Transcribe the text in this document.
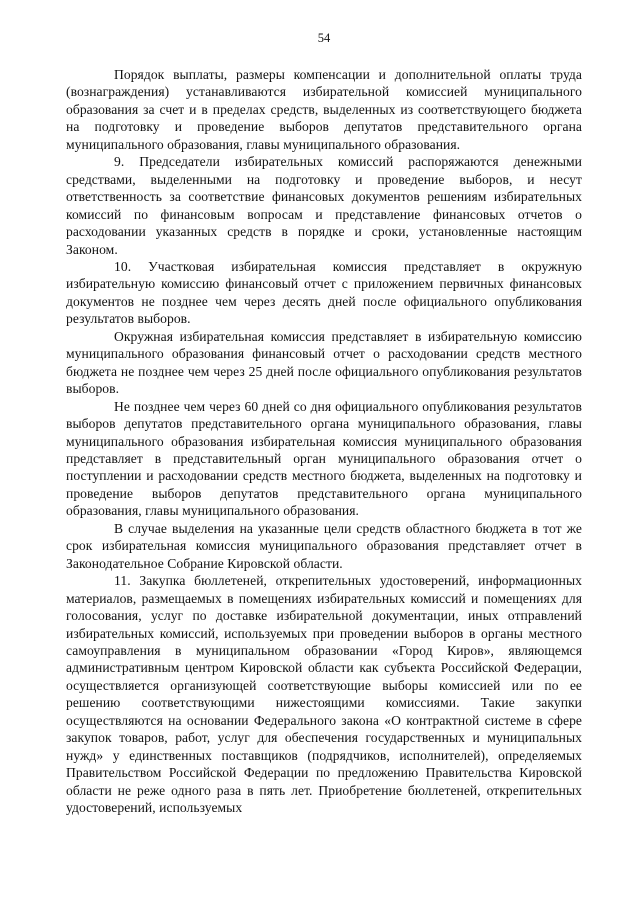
54

Порядок выплаты, размеры компенсации и дополнительной оплаты труда (вознаграждения) устанавливаются избирательной комиссией муниципального образования за счет и в пределах средств, выделенных из соответствующего бюджета на подготовку и проведение выборов депутатов представительного органа муниципального образования, главы муниципального образования.

9. Председатели избирательных комиссий распоряжаются денежными средствами, выделенными на подготовку и проведение выборов, и несут ответственность за соответствие финансовых документов решениям избирательных комиссий по финансовым вопросам и представление финансовых отчетов о расходовании указанных средств в порядке и сроки, установленные настоящим Законом.

10. Участковая избирательная комиссия представляет в окружную избирательную комиссию финансовый отчет с приложением первичных финансовых документов не позднее чем через десять дней после официального опубликования результатов выборов.

Окружная избирательная комиссия представляет в избирательную комиссию муниципального образования финансовый отчет о расходовании средств местного бюджета не позднее чем через 25 дней после официального опубликования результатов выборов.

Не позднее чем через 60 дней со дня официального опубликования результатов выборов депутатов представительного органа муниципального образования, главы муниципального образования избирательная комиссия муниципального образования представляет в представительный орган муниципального образования отчет о поступлении и расходовании средств местного бюджета, выделенных на подготовку и проведение выборов депутатов представительного органа муниципального образования, главы муниципального образования.

В случае выделения на указанные цели средств областного бюджета в тот же срок избирательная комиссия муниципального образования представляет отчет в Законодательное Собрание Кировской области.

11. Закупка бюллетеней, открепительных удостоверений, информационных материалов, размещаемых в помещениях избирательных комиссий и помещениях для голосования, услуг по доставке избирательной документации, иных отправлений избирательных комиссий, используемых при проведении выборов в органы местного самоуправления в муниципальном образовании «Город Киров», являющемся административным центром Кировской области как субъекта Российской Федерации, осуществляется организующей соответствующие выборы комиссией или по ее решению соответствующими нижестоящими комиссиями. Такие закупки осуществляются на основании Федерального закона «О контрактной системе в сфере закупок товаров, работ, услуг для обеспечения государственных и муниципальных нужд» у единственных поставщиков (подрядчиков, исполнителей), определяемых Правительством Российской Федерации по предложению Правительства Кировской области не реже одного раза в пять лет. Приобретение бюллетеней, открепительных удостоверений, используемых
